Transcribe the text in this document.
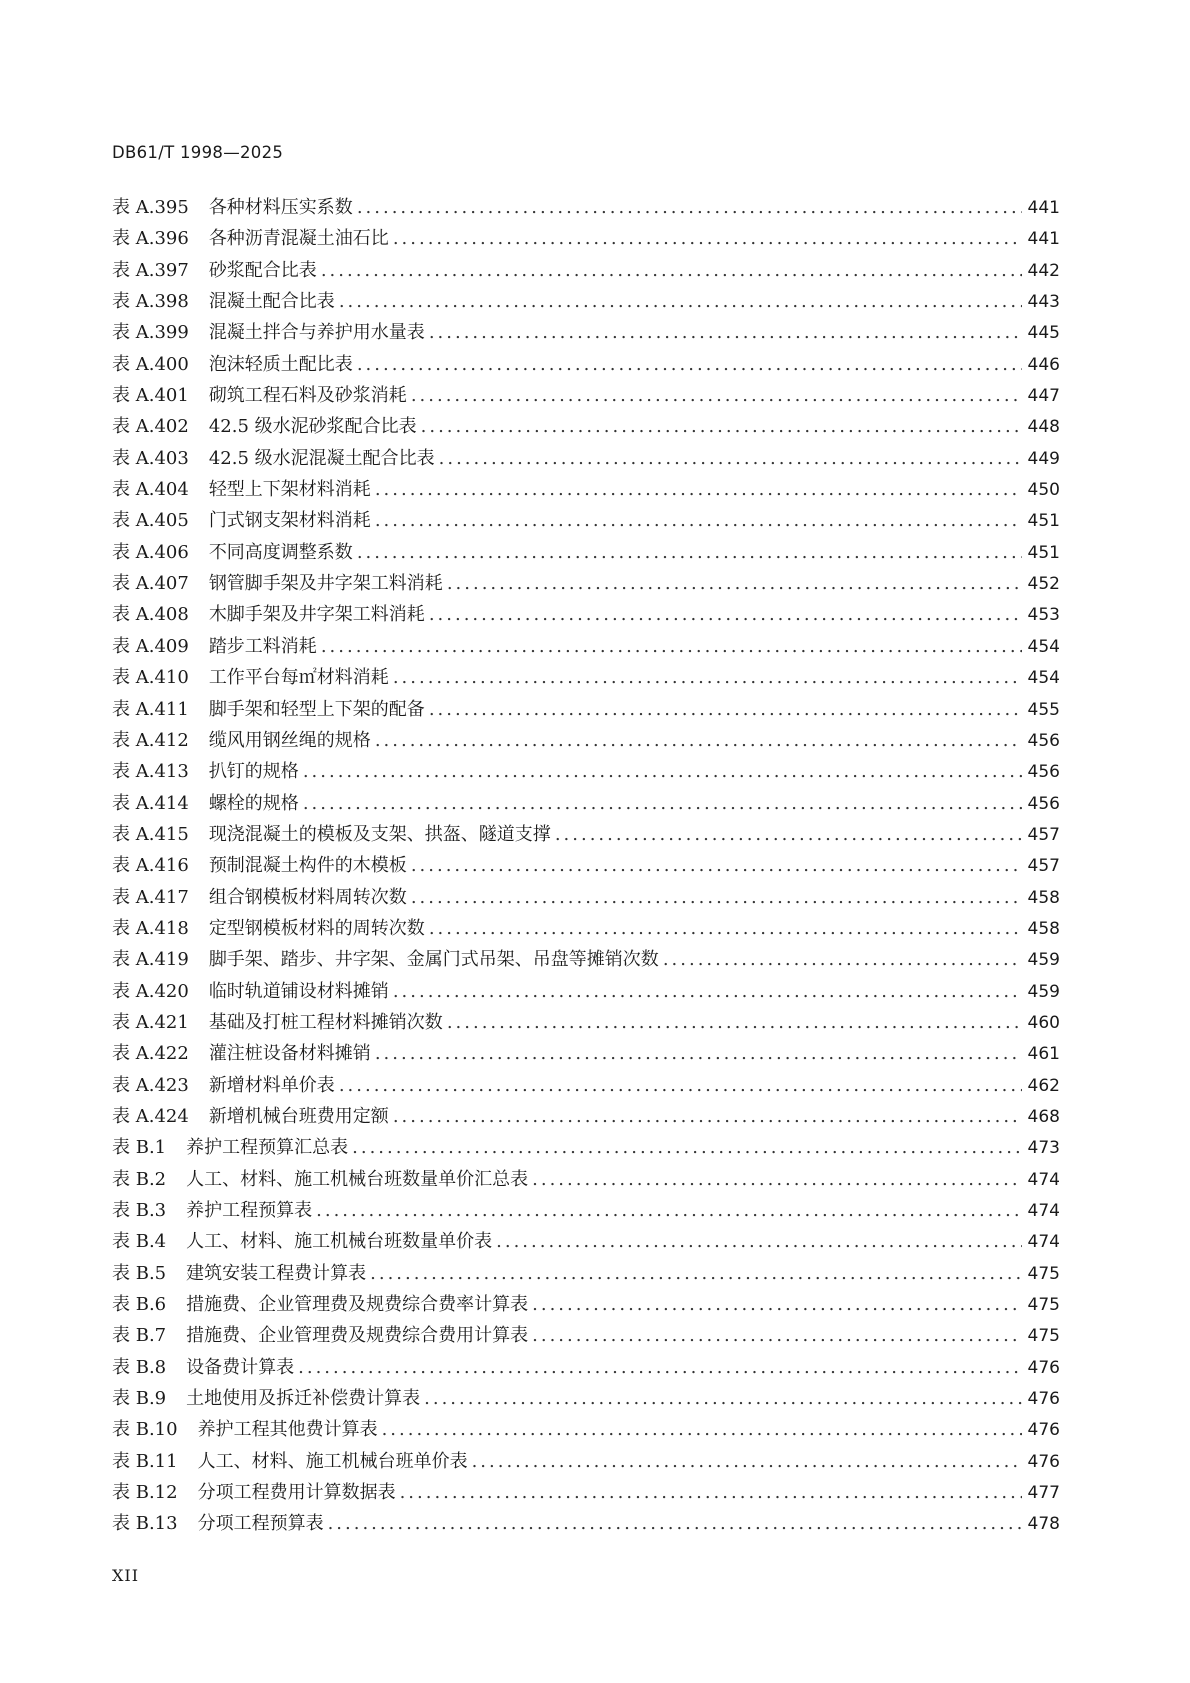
DB61/T 1998—2025
表 A.395	各种材料压实系数 .....	441
表 A.396	各种沥青混凝土油石比 .....	441
表 A.397	砂浆配合比表 .....	442
表 A.398	混凝土配合比表 .....	443
表 A.399	混凝土拌合与养护用水量表 .....	445
表 A.400	泡沫轻质土配比表 .....	446
表 A.401	砌筑工程石料及砂浆消耗 .....	447
表 A.402	42.5 级水泥砂浆配合比表 .....	448
表 A.403	42.5 级水泥混凝土配合比表 .....	449
表 A.404	轻型上下架材料消耗 .....	450
表 A.405	门式钢支架材料消耗 .....	451
表 A.406	不同高度调整系数 .....	451
表 A.407	钢管脚手架及井字架工料消耗 .....	452
表 A.408	木脚手架及井字架工料消耗 .....	453
表 A.409	踏步工料消耗 .....	454
表 A.410	工作平台每㎡材料消耗 .....	454
表 A.411	脚手架和轻型上下架的配备 .....	455
表 A.412	缆风用钢丝绳的规格 .....	456
表 A.413	扒钉的规格 .....	456
表 A.414	螺栓的规格 .....	456
表 A.415	现浇混凝土的模板及支架、拱盔、隧道支撑 .....	457
表 A.416	预制混凝土构件的木模板 .....	457
表 A.417	组合钢模板材料周转次数 .....	458
表 A.418	定型钢模板材料的周转次数 .....	458
表 A.419	脚手架、踏步、井字架、金属门式吊架、吊盘等摊销次数 .....	459
表 A.420	临时轨道铺设材料摊销 .....	459
表 A.421	基础及打桩工程材料摊销次数 .....	460
表 A.422	灌注桩设备材料摊销 .....	461
表 A.423	新增材料单价表 .....	462
表 A.424	新增机械台班费用定额 .....	468
表 B.1	养护工程预算汇总表 .....	473
表 B.2	人工、材料、施工机械台班数量单价汇总表 .....	474
表 B.3	养护工程预算表 .....	474
表 B.4	人工、材料、施工机械台班数量单价表 .....	474
表 B.5	建筑安装工程费计算表 .....	475
表 B.6	措施费、企业管理费及规费综合费率计算表 .....	475
表 B.7	措施费、企业管理费及规费综合费用计算表 .....	475
表 B.8	设备费计算表 .....	476
表 B.9	土地使用及拆迁补偿费计算表 .....	476
表 B.10	养护工程其他费计算表 .....	476
表 B.11	人工、材料、施工机械台班单价表 .....	476
表 B.12	分项工程费用计算数据表 .....	477
表 B.13	分项工程预算表 .....	478
XII
